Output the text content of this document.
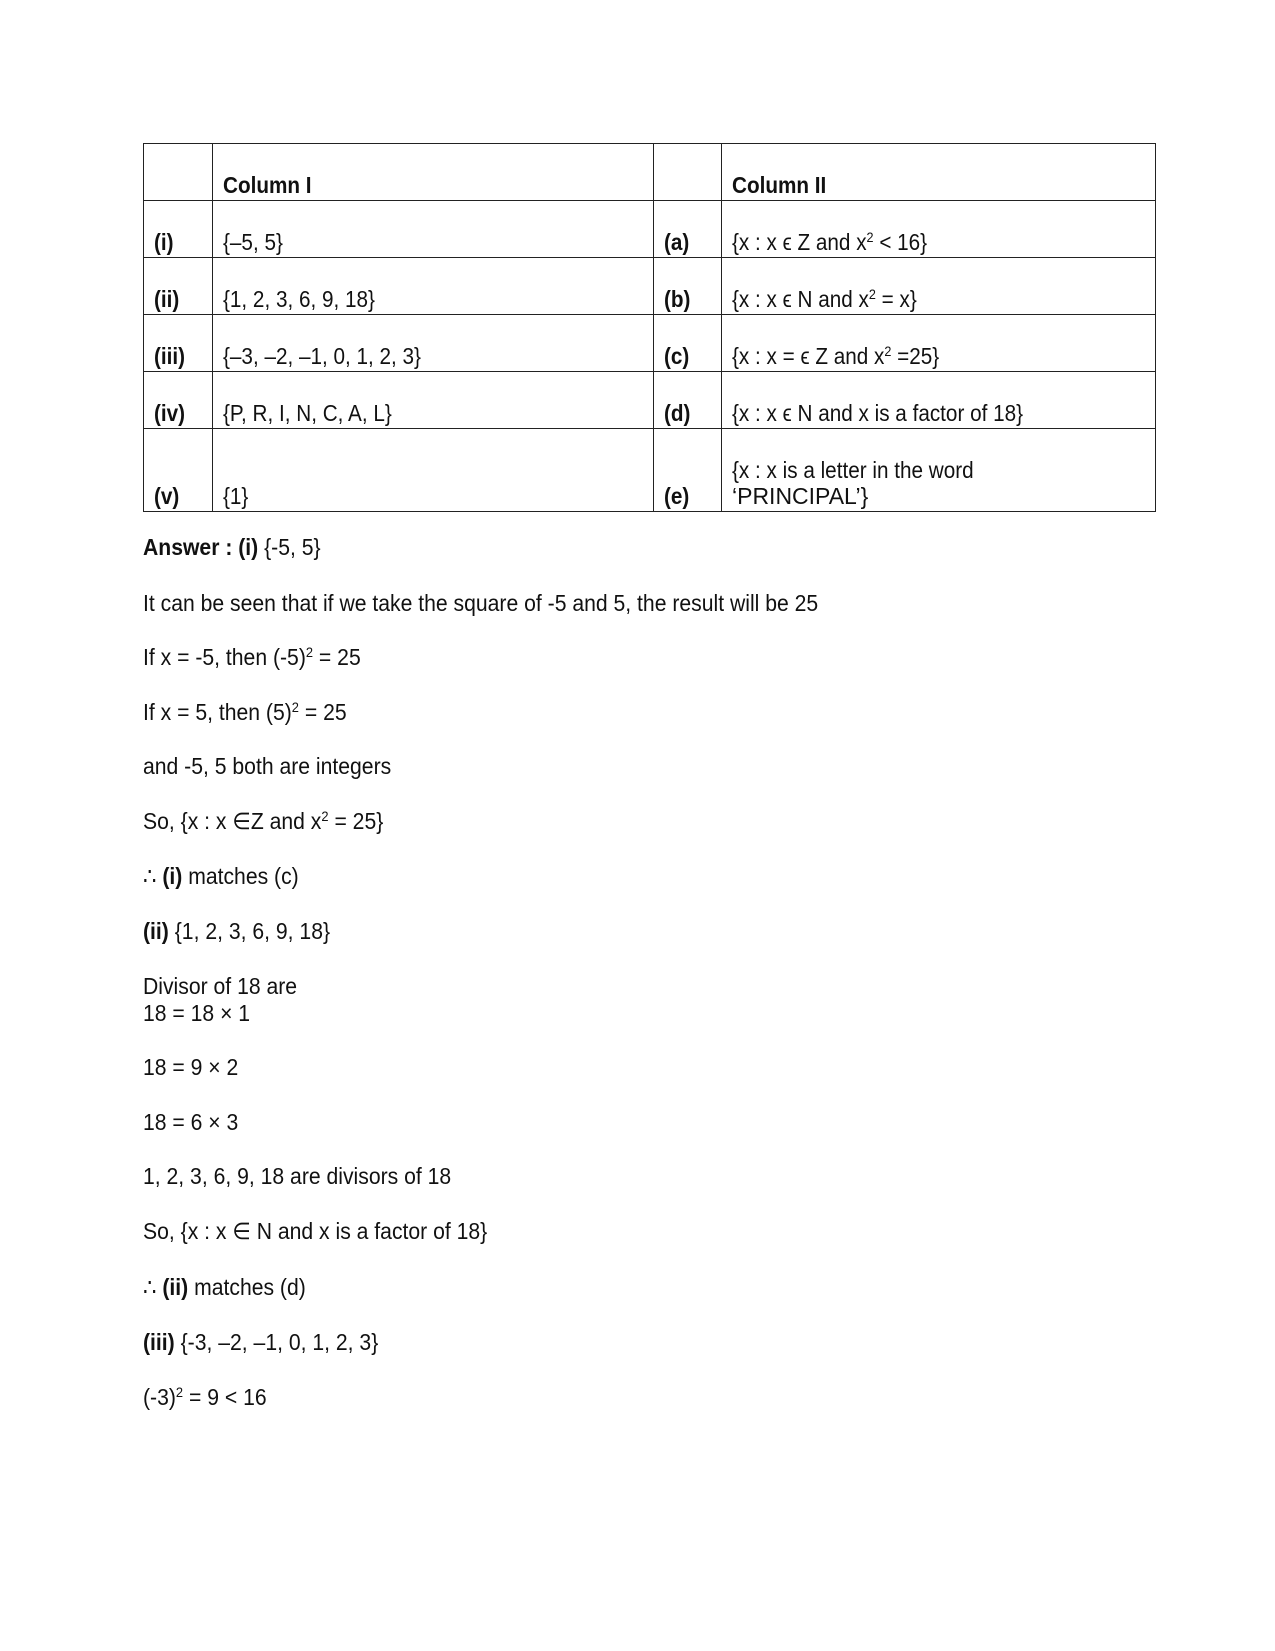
	Column I		Column II
(i)	{–5, 5}	(a)	{x : x ϵ Z and $x^2 < 16$}
(ii)	{1, 2, 3, 6, 9, 18}	(b)	{x : x ϵ N and $x^2 = x$}
(iii)	{–3, –2, –1, 0, 1, 2, 3}	(c)	{x : x = ϵ Z and $x^2 =25$}
(iv)	{P, R, I, N, C, A, L}	(d)	{x : x ϵ N and x is a factor of 18}
(v)	{1}	(e)	{x : x is a letter in the word
‘PRINCIPAL’}
Answer : (i) {-5, 5}
It can be seen that if we take the square of -5 and 5, the result will be 25
If x = -5, then $(-5)^2 = 25$
If x = 5, then $(5)^2 = 25$
and -5, 5 both are integers
So, {x : x ∈Z and $x^2 = 25$}
∴ (i) matches (c)
(ii) {1, 2, 3, 6, 9, 18}
Divisor of 18 are
18 = 18 × 1
18 = 9 × 2
18 = 6 × 3
1, 2, 3, 6, 9, 18 are divisors of 18
So, {x : x ∈ N and x is a factor of 18}
∴ (ii) matches (d)
(iii) {-3, –2, –1, 0, 1, 2, 3}
$(-3)^2 = 9 < 16$
